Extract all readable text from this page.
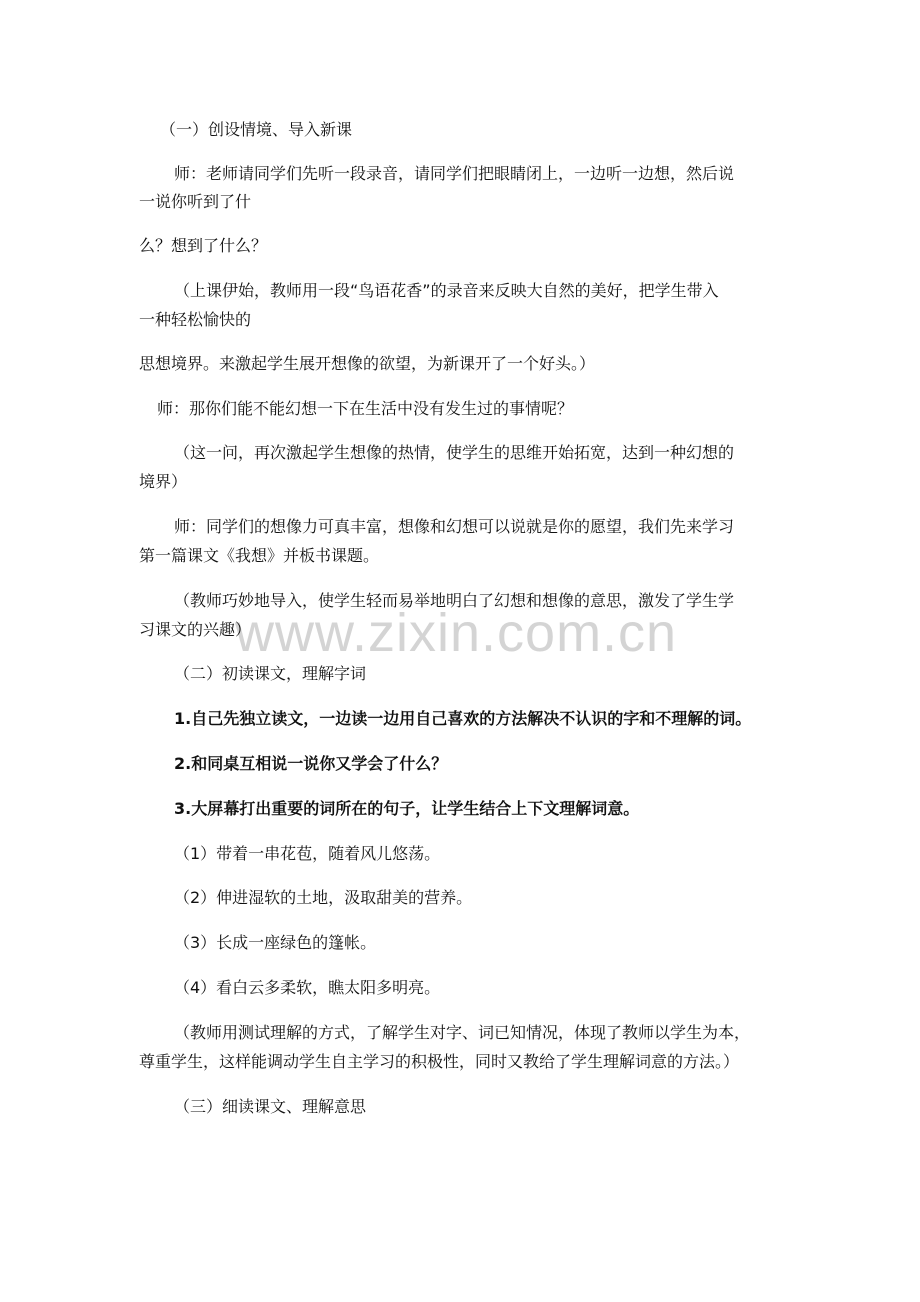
www.zixin.com.cn
（一）创设情境、导入新课
师：老师请同学们先听一段录音，请同学们把眼睛闭上，一边听一边想，然后说
一说你听到了什
么？想到了什么？
（上课伊始，教师用一段“鸟语花香”的录音来反映大自然的美好，把学生带入
一种轻松愉快的
思想境界。来激起学生展开想像的欲望，为新课开了一个好头。）
师：那你们能不能幻想一下在生活中没有发生过的事情呢？
（这一问，再次激起学生想像的热情，使学生的思维开始拓宽，达到一种幻想的
境界）
师：同学们的想像力可真丰富，想像和幻想可以说就是你的愿望，我们先来学习
第一篇课文《我想》并板书课题。
（教师巧妙地导入，使学生轻而易举地明白了幻想和想像的意思，激发了学生学
习课文的兴趣）
（二）初读课文，理解字词
1.自己先独立读文，一边读一边用自己喜欢的方法解决不认识的字和不理解的词。
2.和同桌互相说一说你又学会了什么？
3.大屏幕打出重要的词所在的句子，让学生结合上下文理解词意。
（1）带着一串花苞，随着风儿悠荡。
（2）伸进湿软的土地，汲取甜美的营养。
（3）长成一座绿色的篷帐。
（4）看白云多柔软，瞧太阳多明亮。
（教师用测试理解的方式，了解学生对字、词已知情况，体现了教师以学生为本，
尊重学生，这样能调动学生自主学习的积极性，同时又教给了学生理解词意的方法。）
（三）细读课文、理解意思
